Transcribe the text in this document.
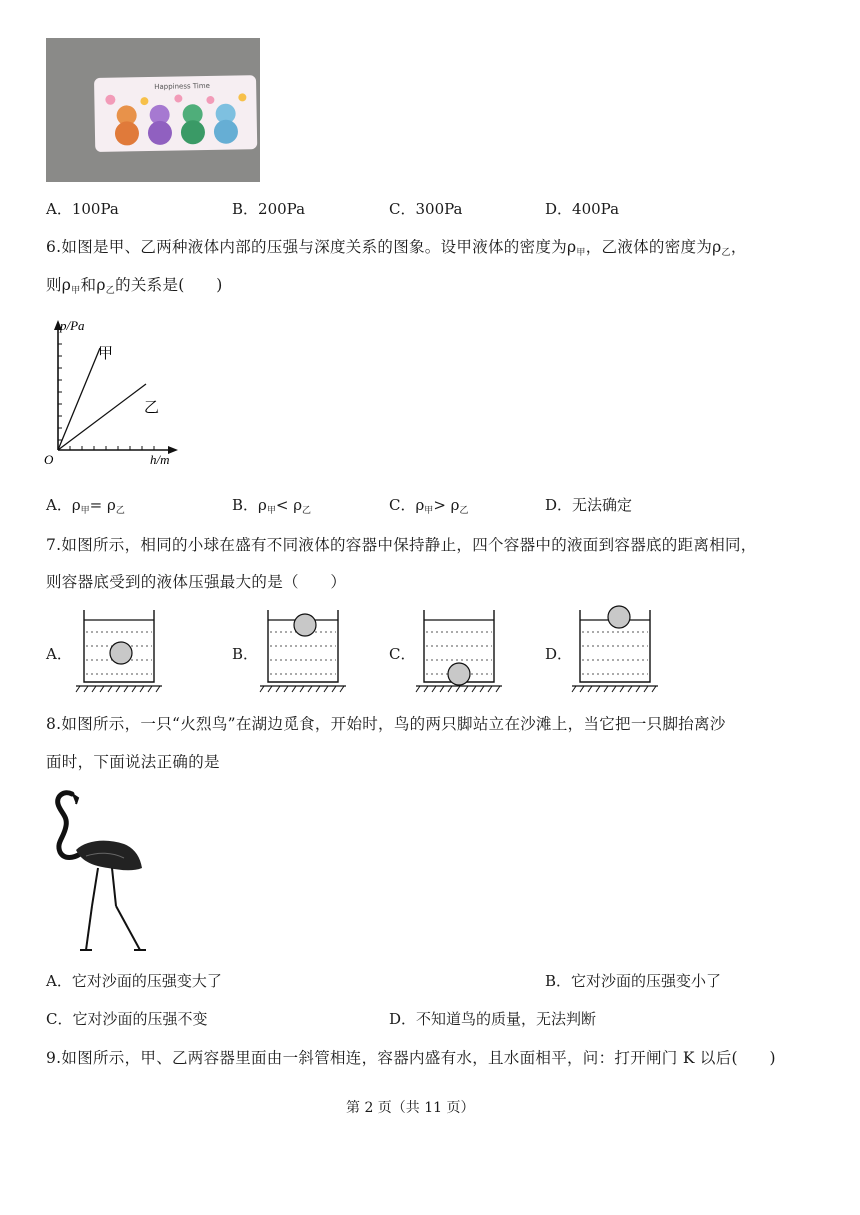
Happiness Time
A．100Pa	B．200Pa	C．300Pa	D．400Pa
6.如图是甲、乙两种液体内部的压强与深度关系的图象。设甲液体的密度为$\rho_甲$，乙液体的密度为$\rho_乙$，
则$\rho_甲$和$\rho_乙$的关系是(　　)
p/Pa
h/m
O
甲
乙
A．$\rho_甲= \rho_乙$	B．$\rho_甲< \rho_乙$	C．$\rho_甲> \rho_乙$	D．无法确定
7.如图所示，相同的小球在盛有不同液体的容器中保持静止，四个容器中的液面到容器底的距离相同，
则容器底受到的液体压强最大的是（　　）
A．	B．	C．	D．
8.如图所示，一只“火烈鸟”在湖边觅食，开始时，鸟的两只脚站立在沙滩上，当它把一只脚抬离沙
面时，下面说法正确的是
A．它对沙面的压强变大了	B．它对沙面的压强变小了
C．它对沙面的压强不变	D．不知道鸟的质量，无法判断
9.如图所示，甲、乙两容器里面由一斜管相连，容器内盛有水，且水面相平，问：打开闸门 K 以后(　　)
第 2 页（共 11 页）
